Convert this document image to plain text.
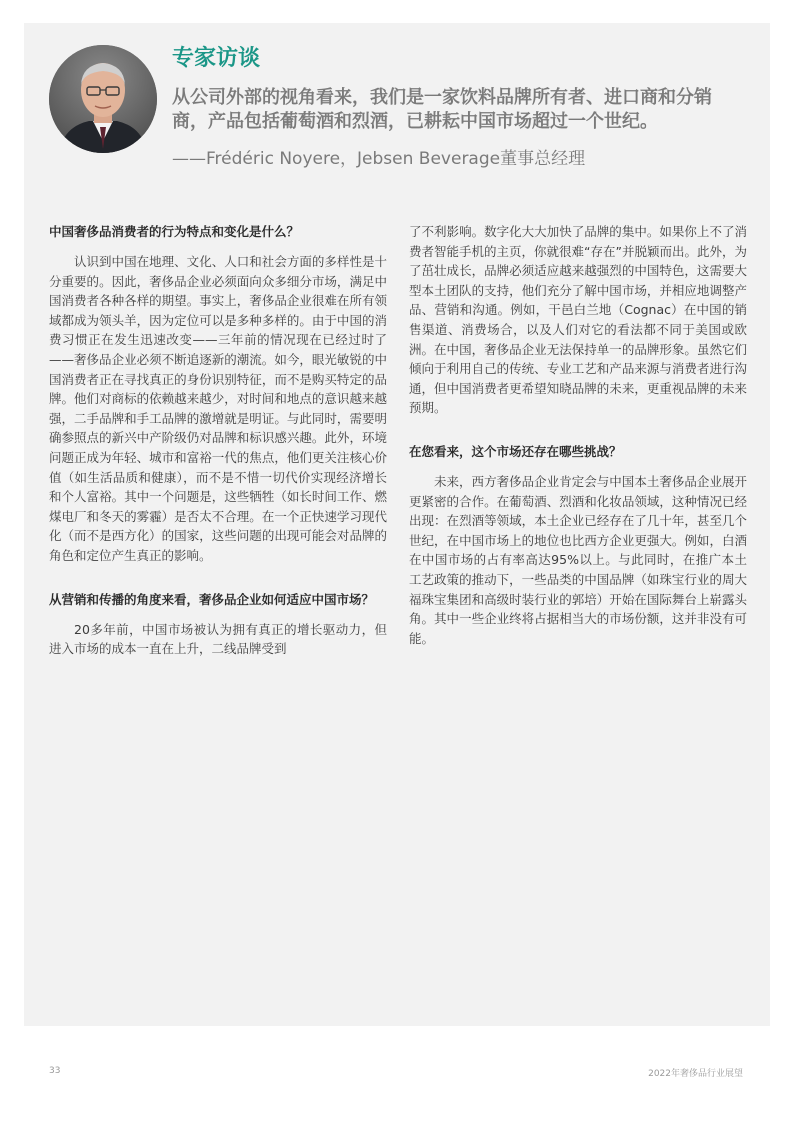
专家访谈

从公司外部的视角看来，我们是一家饮料品牌所有者、进口商和分销商，产品包括葡萄酒和烈酒，已耕耘中国市场超过一个世纪。

——Frédéric Noyere，Jebsen Beverage董事总经理

中国奢侈品消费者的行为特点和变化是什么？

认识到中国在地理、文化、人口和社会方面的多样性是十分重要的。因此，奢侈品企业必须面向众多细分市场，满足中国消费者各种各样的期望。事实上，奢侈品企业很难在所有领域都成为领头羊，因为定位可以是多种多样的。由于中国的消费习惯正在发生迅速改变——三年前的情况现在已经过时了——奢侈品企业必须不断追逐新的潮流。如今，眼光敏锐的中国消费者正在寻找真正的身份识别特征，而不是购买特定的品牌。他们对商标的依赖越来越少，对时间和地点的意识越来越强，二手品牌和手工品牌的激增就是明证。与此同时，需要明确参照点的新兴中产阶级仍对品牌和标识感兴趣。此外，环境问题正成为年轻、城市和富裕一代的焦点，他们更关注核心价值（如生活品质和健康），而不是不惜一切代价实现经济增长和个人富裕。其中一个问题是，这些牺牲（如长时间工作、燃煤电厂和冬天的雾霾）是否太不合理。在一个正快速学习现代化（而不是西方化）的国家，这些问题的出现可能会对品牌的角色和定位产生真正的影响。

从营销和传播的角度来看，奢侈品企业如何适应中国市场？

20多年前，中国市场被认为拥有真正的增长驱动力，但进入市场的成本一直在上升，二线品牌受到

了不利影响。数字化大大加快了品牌的集中。如果你上不了消费者智能手机的主页，你就很难“存在”并脱颖而出。此外，为了茁壮成长，品牌必须适应越来越强烈的中国特色，这需要大型本土团队的支持，他们充分了解中国市场，并相应地调整产品、营销和沟通。例如，干邑白兰地（Cognac）在中国的销售渠道、消费场合，以及人们对它的看法都不同于美国或欧洲。在中国，奢侈品企业无法保持单一的品牌形象。虽然它们倾向于利用自己的传统、专业工艺和产品来源与消费者进行沟通，但中国消费者更希望知晓品牌的未来，更重视品牌的未来预期。

在您看来，这个市场还存在哪些挑战？

未来，西方奢侈品企业肯定会与中国本土奢侈品企业展开更紧密的合作。在葡萄酒、烈酒和化妆品领域，这种情况已经出现：在烈酒等领域，本土企业已经存在了几十年，甚至几个世纪，在中国市场上的地位也比西方企业更强大。例如，白酒在中国市场的占有率高达95%以上。与此同时，在推广本土工艺政策的推动下，一些品类的中国品牌（如珠宝行业的周大福珠宝集团和高级时装行业的郭培）开始在国际舞台上崭露头角。其中一些企业终将占据相当大的市场份额，这并非没有可能。

33	2022年奢侈品行业展望
